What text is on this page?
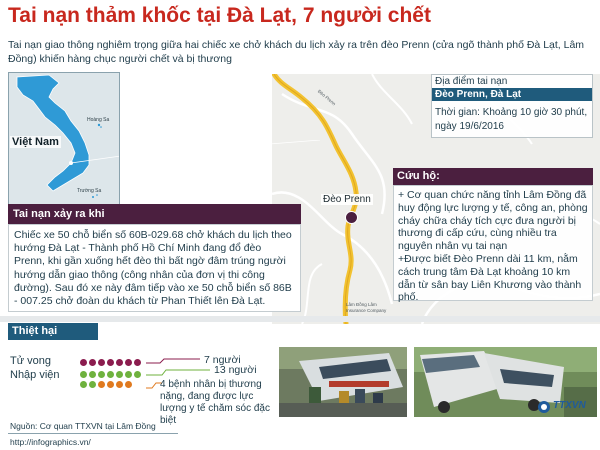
Tai nạn thảm khốc tại Đà Lạt, 7 người chết
Tai nạn giao thông nghiêm trọng giữa hai chiếc xe chở khách du lịch xảy ra trên đèo Prenn (cửa ngõ thành phố Đà Lạt, Lâm Đồng) khiến hàng chục người chết và bị thương
Đèo Prenn
Lâm Đồng Lâm Insurance Company
Hoàng Sa
Trường Sa
Việt Nam
Đèo Prenn
Địa điểm tai nạn
Đèo Prenn, Đà Lạt
Thời gian: Khoảng 10 giờ 30 phút, ngày 19/6/2016
Cứu hộ:
+ Cơ quan chức năng tỉnh Lâm Đồng đã huy động lực lượng y tế, công an, phòng cháy chữa cháy tích cực đưa người bị thương đi cấp cứu, cùng nhiều tra nguyên nhân vụ tai nạn
+Được biết Đèo Prenn dài 11 km, nằm cách trung tâm Đà Lạt khoảng 10 km dẫn từ sân bay Liên Khương vào thành phố.
Tai nạn xảy ra khi
Chiếc xe 50 chỗ biển số 60B-029.68 chở khách du lịch theo hướng Đà Lạt - Thành phố Hồ Chí Minh đang đổ đèo Prenn, khi gần xuống hết đèo thì bất ngờ đâm trúng người hướng dẫn giao thông (công nhân của đơn vị thi công đường). Sau đó xe này đâm tiếp vào xe 50 chỗ biển số 86B - 007.25 chở đoàn du khách từ Phan Thiết lên Đà Lạt.
Thiệt hại
Tử vong	7 người
Nhập viện	13 người
4 bệnh nhân bị thương nặng, đang được lực lượng y tế chăm sóc đặc biệt
TTXVN
Nguồn: Cơ quan TTXVN tại Lâm Đồng
http://infographics.vn/
